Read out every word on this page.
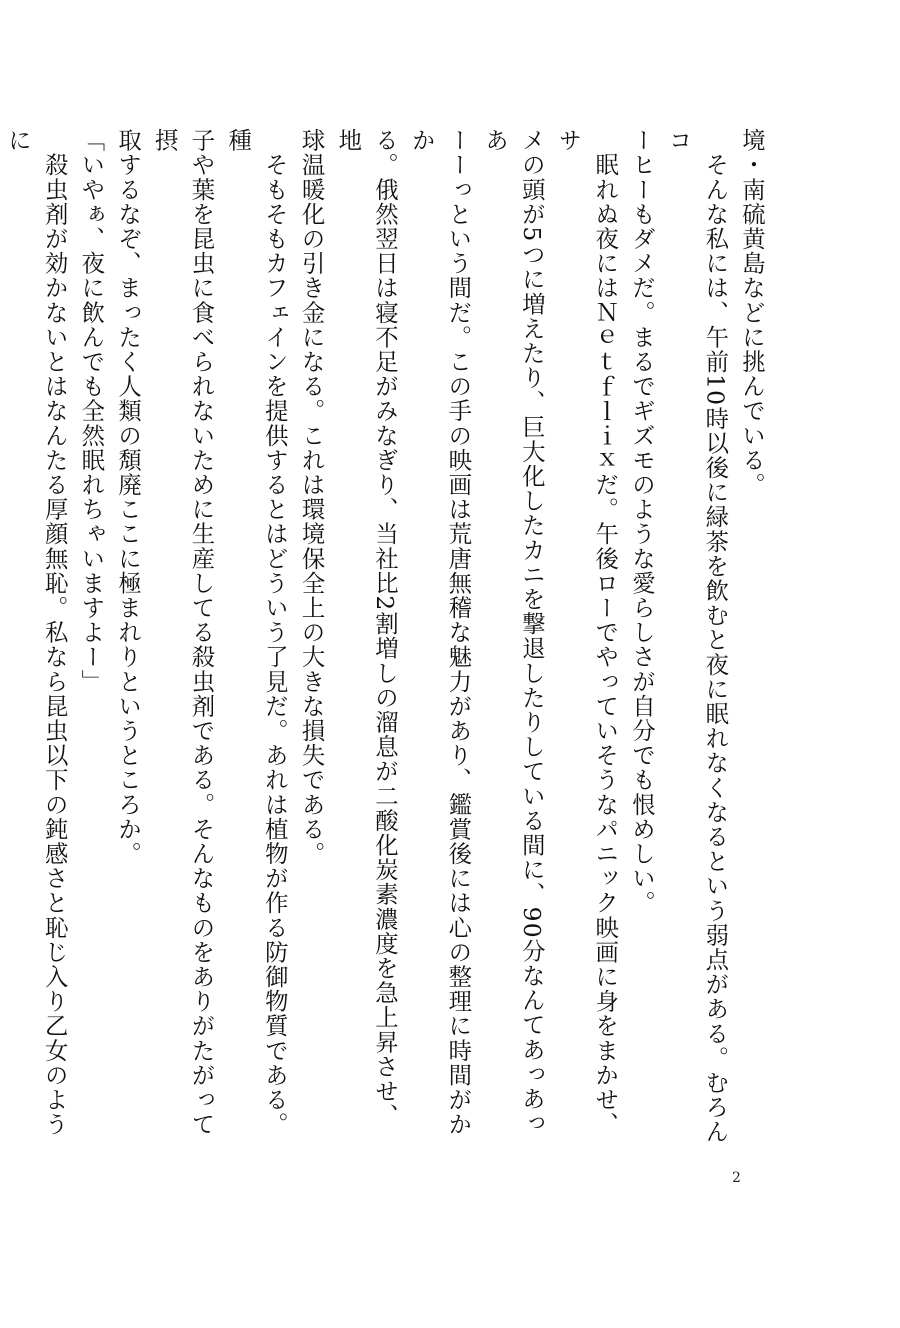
境・南硫黄島などに挑んでいる。

　そんな私には、午前10時以後に緑茶を飲むと夜に眠れなくなるという弱点がある。むろんコ

ーヒーもダメだ。まるでギズモのような愛らしさが自分でも恨めしい。

　眠れぬ夜にはＮｅｔｆｌｉｘだ。午後ローでやっていそうなパニック映画に身をまかせ、サ

メの頭が5つに増えたり、巨大化したカニを撃退したりしている間に、90分なんてあっあっあ

ーーっという間だ。この手の映画は荒唐無稽な魅力があり、鑑賞後には心の整理に時間がかか

る。俄然翌日は寝不足がみなぎり、当社比2割増しの溜息が二酸化炭素濃度を急上昇させ、地

球温暖化の引き金になる。これは環境保全上の大きな損失である。

　そもそもカフェインを提供するとはどういう了見だ。あれは植物が作る防御物質である。種

子や葉を昆虫に食べられないために生産してる殺虫剤である。そんなものをありがたがって摂

取するなぞ、まったく人類の頽廃ここに極まれりというところか。

「いやぁ、夜に飲んでも全然眠れちゃいますよー」

　殺虫剤が効かないとはなんたる厚顔無恥。私なら昆虫以下の鈍感さと恥じ入り乙女のように

2
